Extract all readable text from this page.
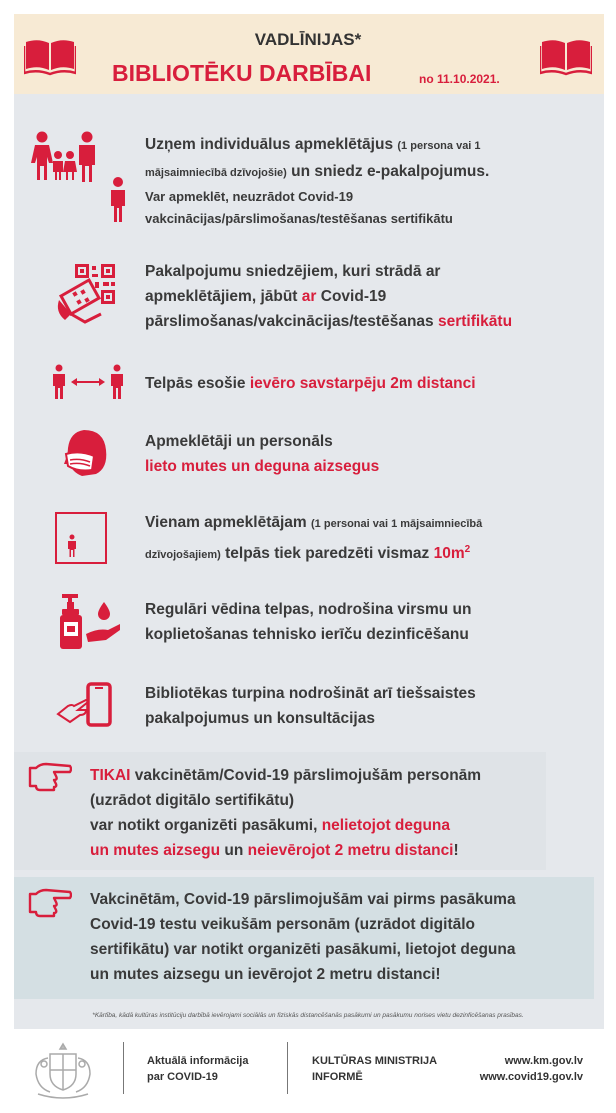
VADLĪNIJAS*
BIBLIOTĒKU DARBĪBAI	no 11.10.2021.
Uzņem individuālus apmeklētājus (1 persona vai 1
mājsaimniecībā dzīvojošie) un sniedz e-pakalpojumus.
Var apmeklēt, neuzrādot Covid-19
vakcinācijas/pārslimošanas/testēšanas sertifikātu
Pakalpojumu sniedzējiem, kuri strādā ar
apmeklētājiem, jābūt ar Covid-19
pārslimošanas/vakcinācijas/testēšanas sertifikātu
Telpās esošie ievēro savstarpēju 2m distanci
Apmeklētāji un personāls
lieto mutes un deguna aizsegus
Vienam apmeklētājam (1 personai vai 1 mājsaimniecībā
dzīvojošajiem) telpās tiek paredzēti vismaz $10m^2$
Regulāri vēdina telpas, nodrošina virsmu un
koplietošanas tehnisko ierīču dezinficēšanu
Bibliotēkas turpina nodrošināt arī tiešsaistes
pakalpojumus un konsultācijas
TIKAI vakcinētām/Covid-19 pārslimojušām personām
(uzrādot digitālo sertifikātu)
var notikt organizēti pasākumi, nelietojot deguna
un mutes aizsegu un neievērojot 2 metru distanci!
Vakcinētām, Covid-19 pārslimojušām vai pirms pasākuma
Covid-19 testu veikušām personām (uzrādot digitālo
sertifikātu) var notikt organizēti pasākumi, lietojot deguna
un mutes aizsegu un ievērojot 2 metru distanci!
*Kārtība, kādā kultūras institūciju darbībā ievērojami sociālās un fiziskās distancēšanās pasākumi un pasākumu norises vietu dezinficēšanas prasības.
Aktuālā informācija
par COVID-19
KULTŪRAS MINISTRIJA
INFORMĒ
www.km.gov.lv
www.covid19.gov.lv
